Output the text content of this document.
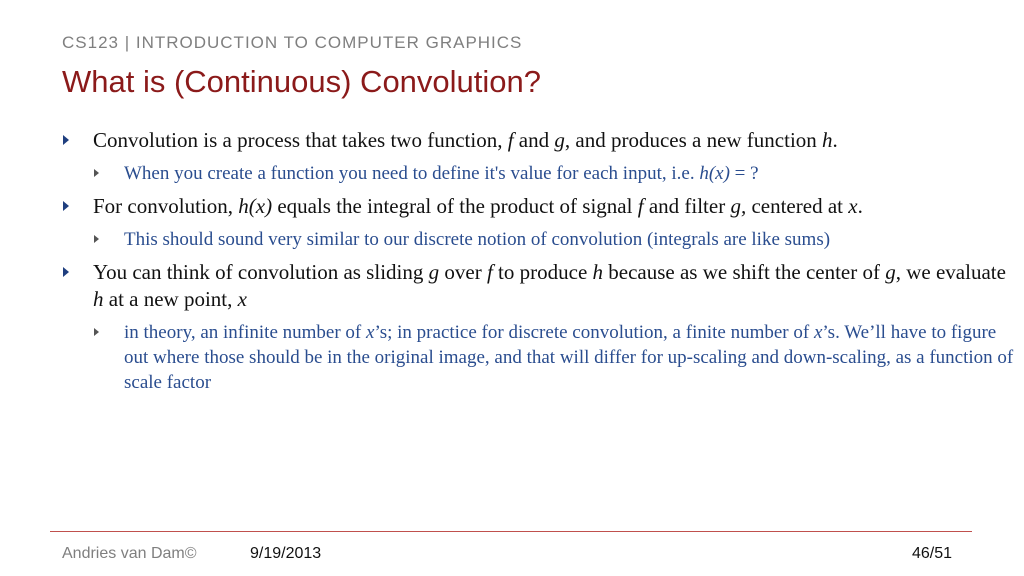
CS123 | INTRODUCTION TO COMPUTER GRAPHICS
What is (Continuous) Convolution?
Convolution is a process that takes two function, f and g, and produces a new function h.
When you create a function you need to define it's value for each input, i.e. h(x) = ?
For convolution, h(x) equals the integral of the product of signal f and filter g, centered at x.
This should sound very similar to our discrete notion of convolution (integrals are like sums)
You can think of convolution as sliding g over f to produce h because as we shift the center of g, we evaluate h at a new point, x
in theory, an infinite number of x’s; in practice for discrete convolution, a finite number of x’s. We’ll have to figure out where those should be in the original image, and that will differ for up-scaling and down-scaling, as a function of scale factor
Andries van Dam©	9/19/2013	46/51
